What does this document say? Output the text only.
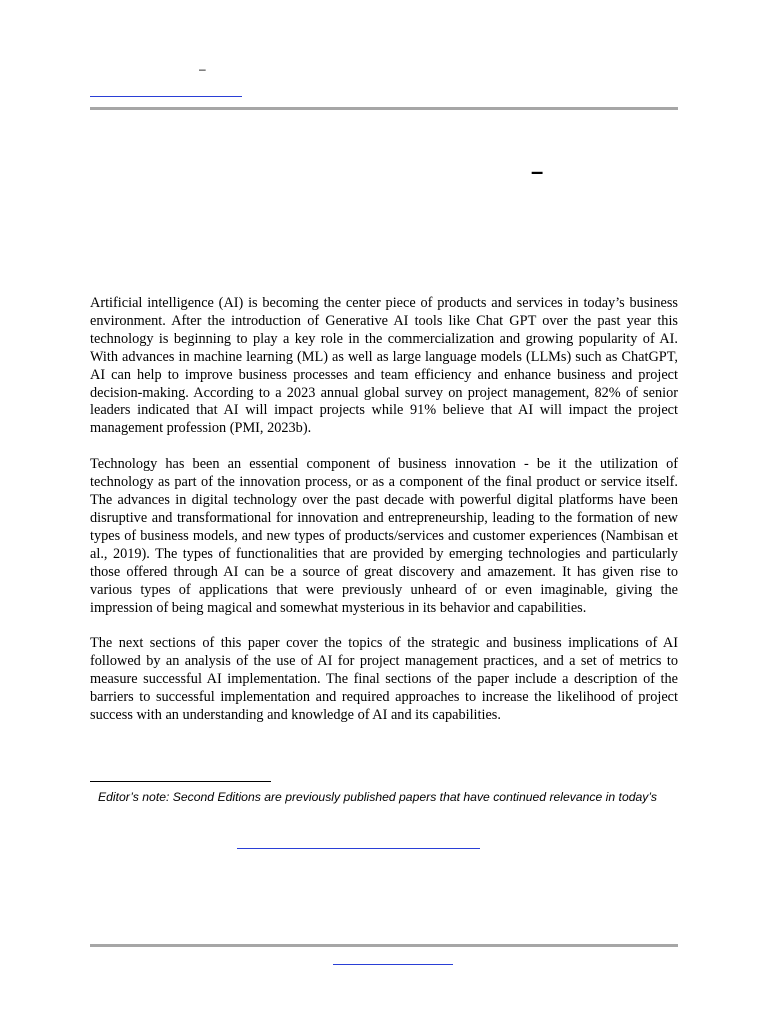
–
–

Artificial intelligence (AI) is becoming the center piece of products and services in today’s business environment. After the introduction of Generative AI tools like Chat GPT over the past year this technology is beginning to play a key role in the commercialization and growing popularity of AI. With advances in machine learning (ML) as well as large language models (LLMs) such as ChatGPT, AI can help to improve business processes and team efficiency and enhance business and project decision-making. According to a 2023 annual global survey on project management, 82% of senior leaders indicated that AI will impact projects while 91% believe that AI will impact the project management profession (PMI, 2023b).

Technology has been an essential component of business innovation - be it the utilization of technology as part of the innovation process, or as a component of the final product or service itself. The advances in digital technology over the past decade with powerful digital platforms have been disruptive and transformational for innovation and entrepreneurship, leading to the formation of new types of business models, and new types of products/services and customer experiences (Nambisan et al., 2019). The types of functionalities that are provided by emerging technologies and particularly those offered through AI can be a source of great discovery and amazement. It has given rise to various types of applications that were previously unheard of or even imaginable, giving the impression of being magical and somewhat mysterious in its behavior and capabilities.

The next sections of this paper cover the topics of the strategic and business implications of AI followed by an analysis of the use of AI for project management practices, and a set of metrics to measure successful AI implementation. The final sections of the paper include a description of the barriers to successful implementation and required approaches to increase the likelihood of project success with an understanding and knowledge of AI and its capabilities.

Editor’s note: Second Editions are previously published papers that have continued relevance in today’s
